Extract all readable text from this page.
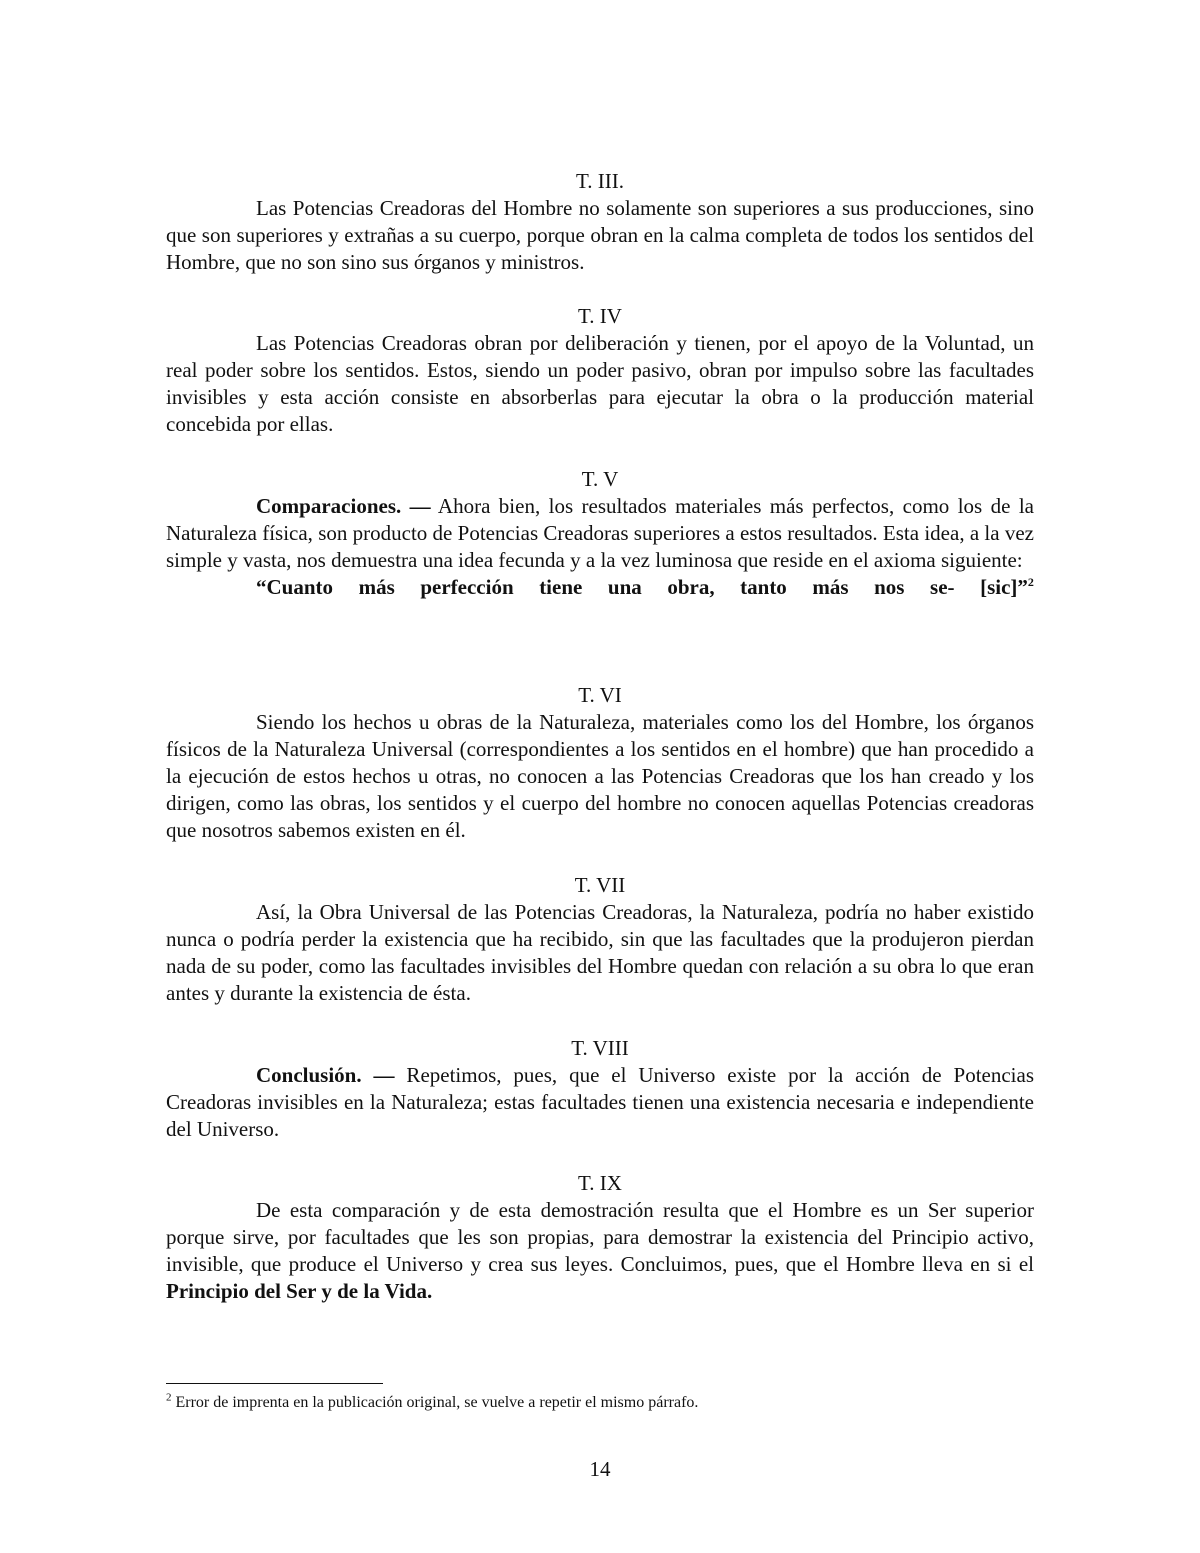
T. III.

Las Potencias Creadoras del Hombre no solamente son superiores a sus producciones, sino que son superiores y extrañas a su cuerpo, porque obran en la calma completa de todos los sentidos del Hombre, que no son sino sus órganos y ministros.

T. IV

Las Potencias Creadoras obran por deliberación y tienen, por el apoyo de la Voluntad, un real poder sobre los sentidos. Estos, siendo un poder pasivo, obran por impulso sobre las facultades invisibles y esta acción consiste en absorberlas para ejecutar la obra o la producción material concebida por ellas.

T. V

Comparaciones. — Ahora bien, los resultados materiales más perfectos, como los de la Naturaleza física, son producto de Potencias Creadoras superiores a estos resultados. Esta idea, a la vez simple y vasta, nos demuestra una idea fecunda y a la vez luminosa que reside en el axioma siguiente:

“Cuanto más perfección tiene una obra, tanto más nos se- [sic]”$^2$
T. VI

Siendo los hechos u obras de la Naturaleza, materiales como los del Hombre, los órganos físicos de la Naturaleza Universal (correspondientes a los sentidos en el hombre) que han procedido a la ejecución de estos hechos u otras, no conocen a las Potencias Creadoras que los han creado y los dirigen, como las obras, los sentidos y el cuerpo del hombre no conocen aquellas Potencias creadoras que nosotros sabemos existen en él.

T. VII

Así, la Obra Universal de las Potencias Creadoras, la Naturaleza, podría no haber existido nunca o podría perder la existencia que ha recibido, sin que las facultades que la produjeron pierdan nada de su poder, como las facultades invisibles del Hombre quedan con relación a su obra lo que eran antes y durante la existencia de ésta.

T. VIII

Conclusión. — Repetimos, pues, que el Universo existe por la acción de Potencias Creadoras invisibles en la Naturaleza; estas facultades tienen una existencia necesaria e independiente del Universo.

T. IX

De esta comparación y de esta demostración resulta que el Hombre es un Ser superior porque sirve, por facultades que les son propias, para demostrar la existencia del Principio activo, invisible, que produce el Universo y crea sus leyes. Concluimos, pues, que el Hombre lleva en si el Principio del Ser y de la Vida.

$^2$ Error de imprenta en la publicación original, se vuelve a repetir el mismo párrafo.
14
